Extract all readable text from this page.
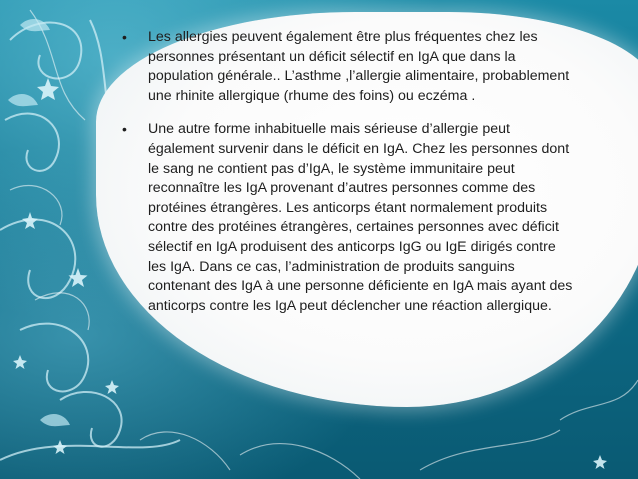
• Les allergies peuvent également être plus fréquentes chez les
personnes présentant un déficit sélectif en IgA que dans la
population générale.. L’asthme ,l’allergie alimentaire, probablement
une rhinite allergique (rhume des foins) ou eczéma .
• Une autre forme inhabituelle mais sérieuse d’allergie peut
également survenir dans le déficit en IgA. Chez les personnes dont
le sang ne contient pas d’IgA, le système immunitaire peut
reconnaître les IgA provenant d’autres personnes comme des
protéines étrangères. Les anticorps étant normalement produits
contre des protéines étrangères, certaines personnes avec déficit
sélectif en IgA produisent des anticorps IgG ou IgE dirigés contre
les IgA. Dans ce cas, l’administration de produits sanguins
contenant des IgA à une personne déficiente en IgA mais ayant des
anticorps contre les IgA peut déclencher une réaction allergique.
